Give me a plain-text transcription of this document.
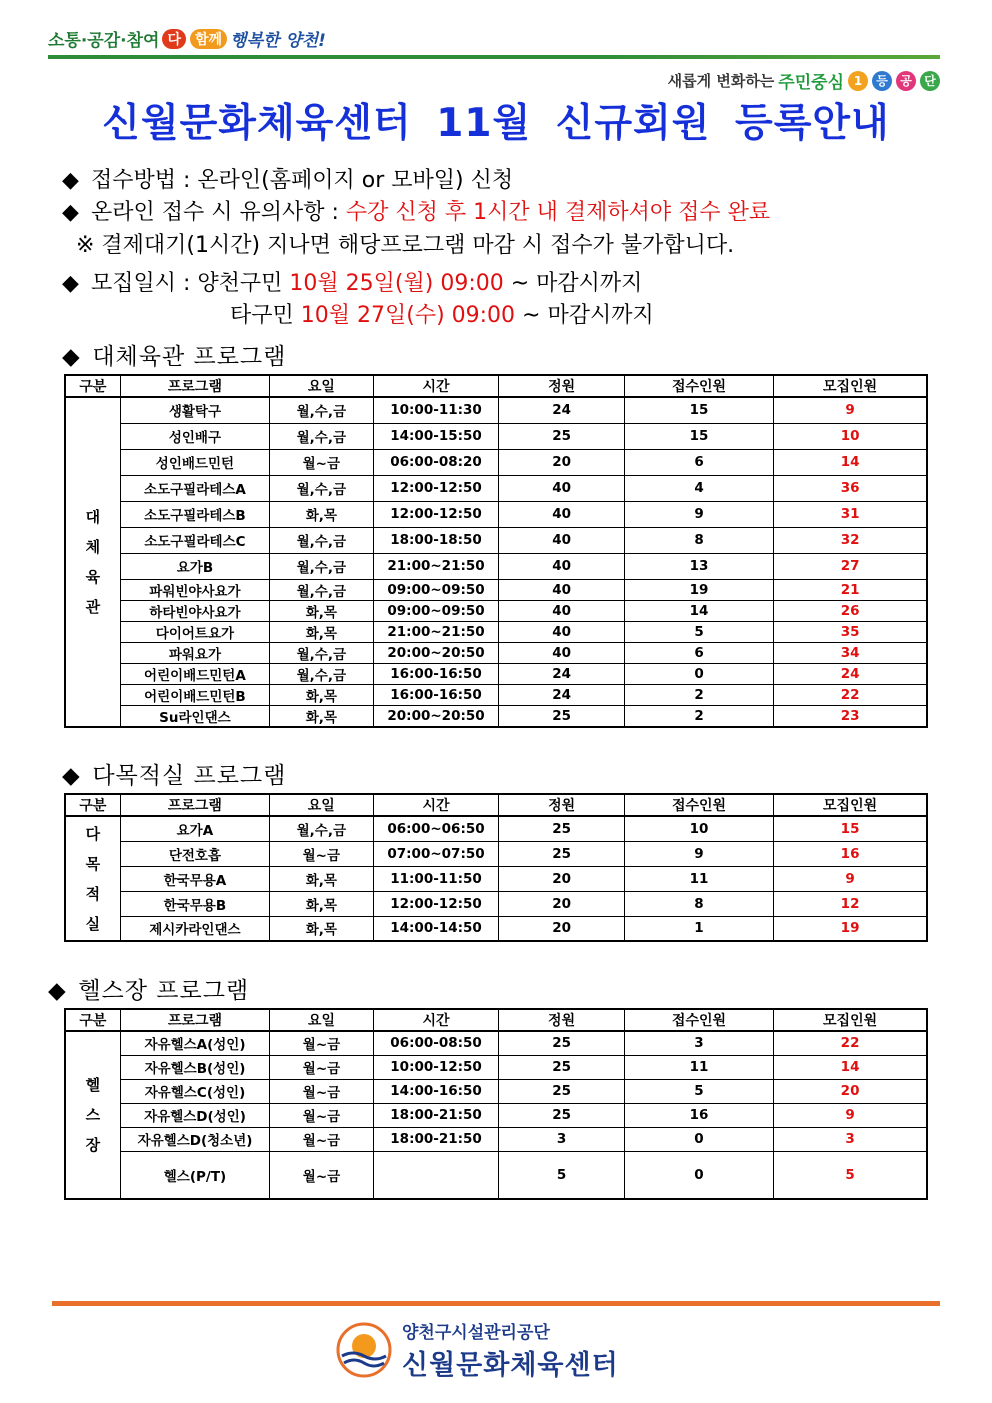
소통·공감·참여 다	함께 행복한 양천!
새롭게 변화하는 주민중심 1	등	공	단
신월문화체육센터 11월 신규회원 등록안내
◆ 접수방법 : 온라인(홈페이지 or 모바일) 신청
◆ 온라인 접수 시 유의사항 : 수강 신청 후 1시간 내 결제하셔야 접수 완료
※ 결제대기(1시간) 지나면 해당프로그램 마감 시 접수가 불가합니다.
◆ 모집일시 : 양천구민 10월 25일(월) 09:00 ~ 마감시까지
타구민 10월 27일(수) 09:00 ~ 마감시까지
◆ 대체육관 프로그램
구분	프로그램	요일	시간	정원	접수인원	모집인원
대
체
육
관	생활탁구	월,수,금	10:00-11:30	24	15	9
	성인배구	월,수,금	14:00-15:50	25	15	10
	성인배드민턴	월~금	06:00-08:20	20	6	14
	소도구필라테스A	월,수,금	12:00-12:50	40	4	36
	소도구필라테스B	화,목	12:00-12:50	40	9	31
	소도구필라테스C	월,수,금	18:00-18:50	40	8	32
	요가B	월,수,금	21:00~21:50	40	13	27
	파워빈야사요가	월,수,금	09:00~09:50	40	19	21
	하타빈야사요가	화,목	09:00~09:50	40	14	26
	다이어트요가	화,목	21:00~21:50	40	5	35
	파워요가	월,수,금	20:00~20:50	40	6	34
	어린이배드민턴A	월,수,금	16:00-16:50	24	0	24
	어린이배드민턴B	화,목	16:00-16:50	24	2	22
	Su라인댄스	화,목	20:00~20:50	25	2	23
◆ 다목적실 프로그램
구분	프로그램	요일	시간	정원	접수인원	모집인원
다
목
적
실	요가A	월,수,금	06:00~06:50	25	10	15
	단전호흡	월~금	07:00~07:50	25	9	16
	한국무용A	화,목	11:00-11:50	20	11	9
	한국무용B	화,목	12:00-12:50	20	8	12
	제시카라인댄스	화,목	14:00-14:50	20	1	19
◆ 헬스장 프로그램
구분	프로그램	요일	시간	정원	접수인원	모집인원
헬
스
장	자유헬스A(성인)	월~금	06:00-08:50	25	3	22
	자유헬스B(성인)	월~금	10:00-12:50	25	11	14
	자유헬스C(성인)	월~금	14:00-16:50	25	5	20
	자유헬스D(성인)	월~금	18:00-21:50	25	16	9
	자유헬스D(청소년)	월~금	18:00-21:50	3	0	3
	헬스(P/T)	월~금		5	0	5
양천구시설관리공단
신월문화체육센터
